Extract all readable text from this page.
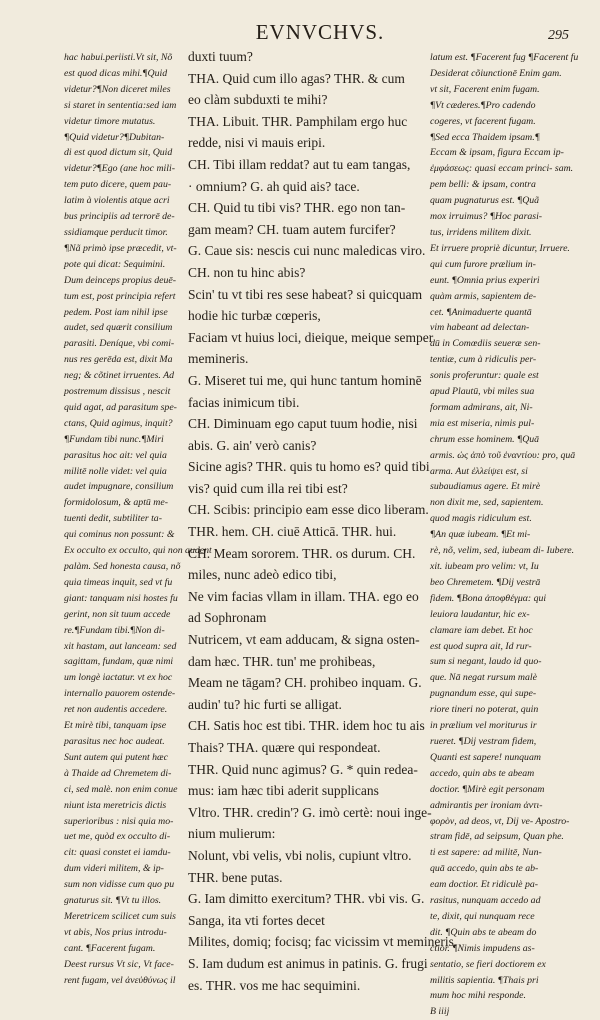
EVNVCHVS.	295
hac habui.periisti.Vt sit, Nõ
est quod dicas mihi.¶Quid
videtur?¶Non diceret miles
si staret in sententia:sed iam
videtur timore mutatus.
¶Quid videtur?¶Dubitan-
di est quod dictum sit, Quid
videtur?¶Ego (ane hoc mili-
tem puto dicere, quem pau-
latim à violentis atque acri
bus principiis ad terrorē de-
ssidiamque perducit timor.
¶Nã primò ipse præcedit, vt-
pote qui dicat: Sequimini.
Dum deinceps propius deuē-
tum est, post principia refert
pedem. Post iam nihil ipse
audet, sed quærit consilium
parasiti. Deníque, vbi comi-
nus res gerēda est, dixit Ma
neg; & cõtinet irruentes. Ad
postremum dissisus , nescit
quid agat, ad parasitum spe-
ctans, Quid agimus, inquit?
¶Fundam tibi nunc.¶Miri
parasitus hoc ait: vel quia
militē nolle videt: vel quia
audet impugnare, consilium
formidolosum, & aptū me-
tuenti dedit, subtiliter ta-
qui cominus non possunt: &
Ex occulto ex occulto, qui non audent
palàm. Sed honesta causa, nõ
quia timeas inquit, sed vt fu
giant: tanquam nisi hostes fu
gerint, non sit tuum accede
re.¶Fundam tibi.¶Non di-
xit hastam, aut lanceam: sed
sagittam, fundam, quæ nimi
um longè iactatur. vt ex hoc
internallo pauorem ostende-
ret non audentis accedere.
Et mirè tibi, tanquam ipse
parasitus nec hoc audeat.
Sunt autem qui putent hæc
à Thaide ad Chremetem di-
ci, sed malè. non enim conue
niunt ista meretricis dictis
superioribus : nisi quia mo-
uet me, quòd ex occulto di-
cit: quasi constet ei iamdu-
dum videri militem, & ip-
sum non vidisse cum quo pu
gnaturus sit. ¶Vt tu illos.
Meretricem scilicet cum suis
vt abis, Nos prius introdu-
cant. ¶Facerent fugam.
Deest rursus Vt sic, Vt face-
rent fugam, vel ἀνεὐθύνως il
duxti tuum?
THA. Quid cum illo agas? THR. & cum
eo clàm subduxti te mihi?
THA. Libuit. THR. Pamphilam ergo huc
redde, nisi vi mauis eripi.
CH. Tibi illam reddat? aut tu eam tangas,
· omnium? G. ah quid ais? tace.
CH. Quid tu tibi vis? THR. ego non tan-
gam meam? CH. tuam autem furcifer?
G. Caue sis: nescis cui nunc maledicas viro.
CH. non tu hinc abis?
Scin' tu vt tibi res sese habeat? si quicquam
hodie hic turbæ cœperis,
Faciam vt huius loci, dieique, meique semper
memineris.
G. Miseret tui me, qui hunc tantum hominē
facias inimicum tibi.
CH. Diminuam ego caput tuum hodie, nisi
abis. G. ain' verò canis?
Sicine agis? THR. quis tu homo es? quid tibi
vis? quid cum illa rei tibi est?
CH. Scibis: principio eam esse dico liberam.
THR. hem. CH. ciuē Atticā. THR. hui.
CH. Meam sororem. THR. os durum. CH.
miles, nunc adeò edico tibi,
Ne vim facias vllam in illam. THA. ego eo
ad Sophronam
Nutricem, vt eam adducam, & signa osten-
dam hæc. THR. tun' me prohibeas,
Meam ne tāgam? CH. prohibeo inquam. G.
audin' tu? hic furti se alligat.
CH. Satis hoc est tibi. THR. idem hoc tu ais
Thais? THA. quære qui respondeat.
THR. Quid nunc agimus? G. * quin redea-
mus: iam hæc tibi aderit supplicans
Vltro. THR. credin'? G. imò certè: noui inge-
nium mulierum:
Nolunt, vbi velis, vbi nolis, cupiunt vltro.
THR. bene putas.
G. Iam dimitto exercitum? THR. vbi vis. G.
Sanga, ita vti fortes decet
Milites, domiq; focisq; fac vicissim vt memineris.
S. Iam dudum est animus in patinis. G. frugi
es. THR. vos me hac sequimini.
latum est. ¶Facerent fug ¶Facerent fu
Desiderat cõiunctionē Enim gam.
vt sit, Facerent enim fugam.
¶Vt cæderes.¶Pro cadendo
cogeres, vt facerent fugam.
¶Sed ecca Thaidem ipsam.¶
Eccam & ipsam, figura Eccam ip-
ἐμφάσεως: quasi eccam princi- sam.
pem belli: & ipsam, contra
quam pugnaturus est. ¶Quã
mox irruimus? ¶Hoc parasi-
tus, irridens militem dixit.
Et irruere propriè dicuntur, Irruere.
qui cum furore prælium in-
eunt. ¶Omnia prius experiri
quàm armis, sapientem de-
cet. ¶Animaduerte quantā
vim habeant ad delectan-
dū in Comœdiis seueræ sen-
tentiæ, cum à ridiculis per-
sonis proferuntur: quale est
apud Plautū, vbi miles sua
formam admirans, ait, Ni-
mia est miseria, nimis pul-
chrum esse hominem. ¶Quā
armis. ὡς ἀπὸ τοῦ ἐναντίου: pro, quā
arma. Aut ἐλλείψει est, si
subaudiamus agere. Et mirè
non dixit me, sed, sapientem.
quod magis ridiculum est.
¶An quæ iubeam. ¶Et mi-
rè, nõ, velim, sed, iubeam di- Iubere.
xit. iubeam pro velim: vt, Iu
beo Chremetem. ¶Dij vestrā
fidem. ¶Bona ἀποφθέγμα: qui
leuiora laudantur, hic ex-
clamare iam debet. Et hoc
est quod supra ait, Id rur-
sum si negant, laudo id quo-
que. Nā negat rursum malè
pugnandum esse, qui supe-
riore tineri no poterat, quin
in prælium vel moriturus ir
rueret. ¶Dij vestram fidem,
Quanti est sapere! nunquam
accedo, quin abs te abeam
doctior. ¶Mirè egit personam
admirantis per ironiam ἀντι-
φορὸν, ad deos, vt, Dij ve- Apostro-
stram fidē, ad seipsum, Quan phe.
ti est sapere: ad militē, Nun-
quā accedo, quin abs te ab-
eam doctior. Et ridiculè pa-
rasitus, nunquam accedo ad
te, dixit, qui nunquam rece
dit. ¶Quin abs te abeam do
ctior. ¶Nimis impudens as-
sentatio, se fieri doctiorem ex
militis sapientia. ¶Thais pri
mum hoc mihi responde.
B iiij
